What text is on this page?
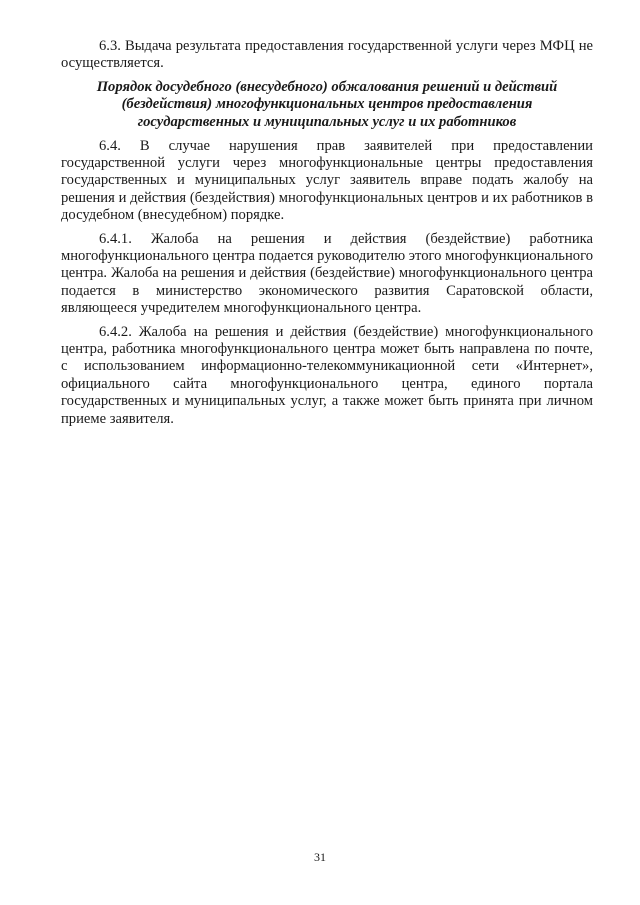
6.3. Выдача результата предоставления государственной услуги через МФЦ не осуществляется.

Порядок досудебного (внесудебного) обжалования решений и действий
(бездействия) многофункциональных центров предоставления
государственных и муниципальных услуг и их работников

6.4. В случае нарушения прав заявителей при предоставлении государственной услуги через многофункциональные центры предоставления государственных и муниципальных услуг заявитель вправе подать жалобу на решения и действия (бездействия) многофункциональных центров и их работников в досудебном (внесудебном) порядке.

6.4.1. Жалоба на решения и действия (бездействие) работника многофункционального центра подается руководителю этого многофункционального центра. Жалоба на решения и действия (бездействие) многофункционального центра подается в министерство экономического развития Саратовской области, являющееся учредителем многофункционального центра.

6.4.2. Жалоба на решения и действия (бездействие) многофункционального центра, работника многофункционального центра может быть направлена по почте, с использованием информационно-телекоммуникационной сети «Интернет», официального сайта многофункционального центра, единого портала государственных и муниципальных услуг, а также может быть принята при личном приеме заявителя.

31
